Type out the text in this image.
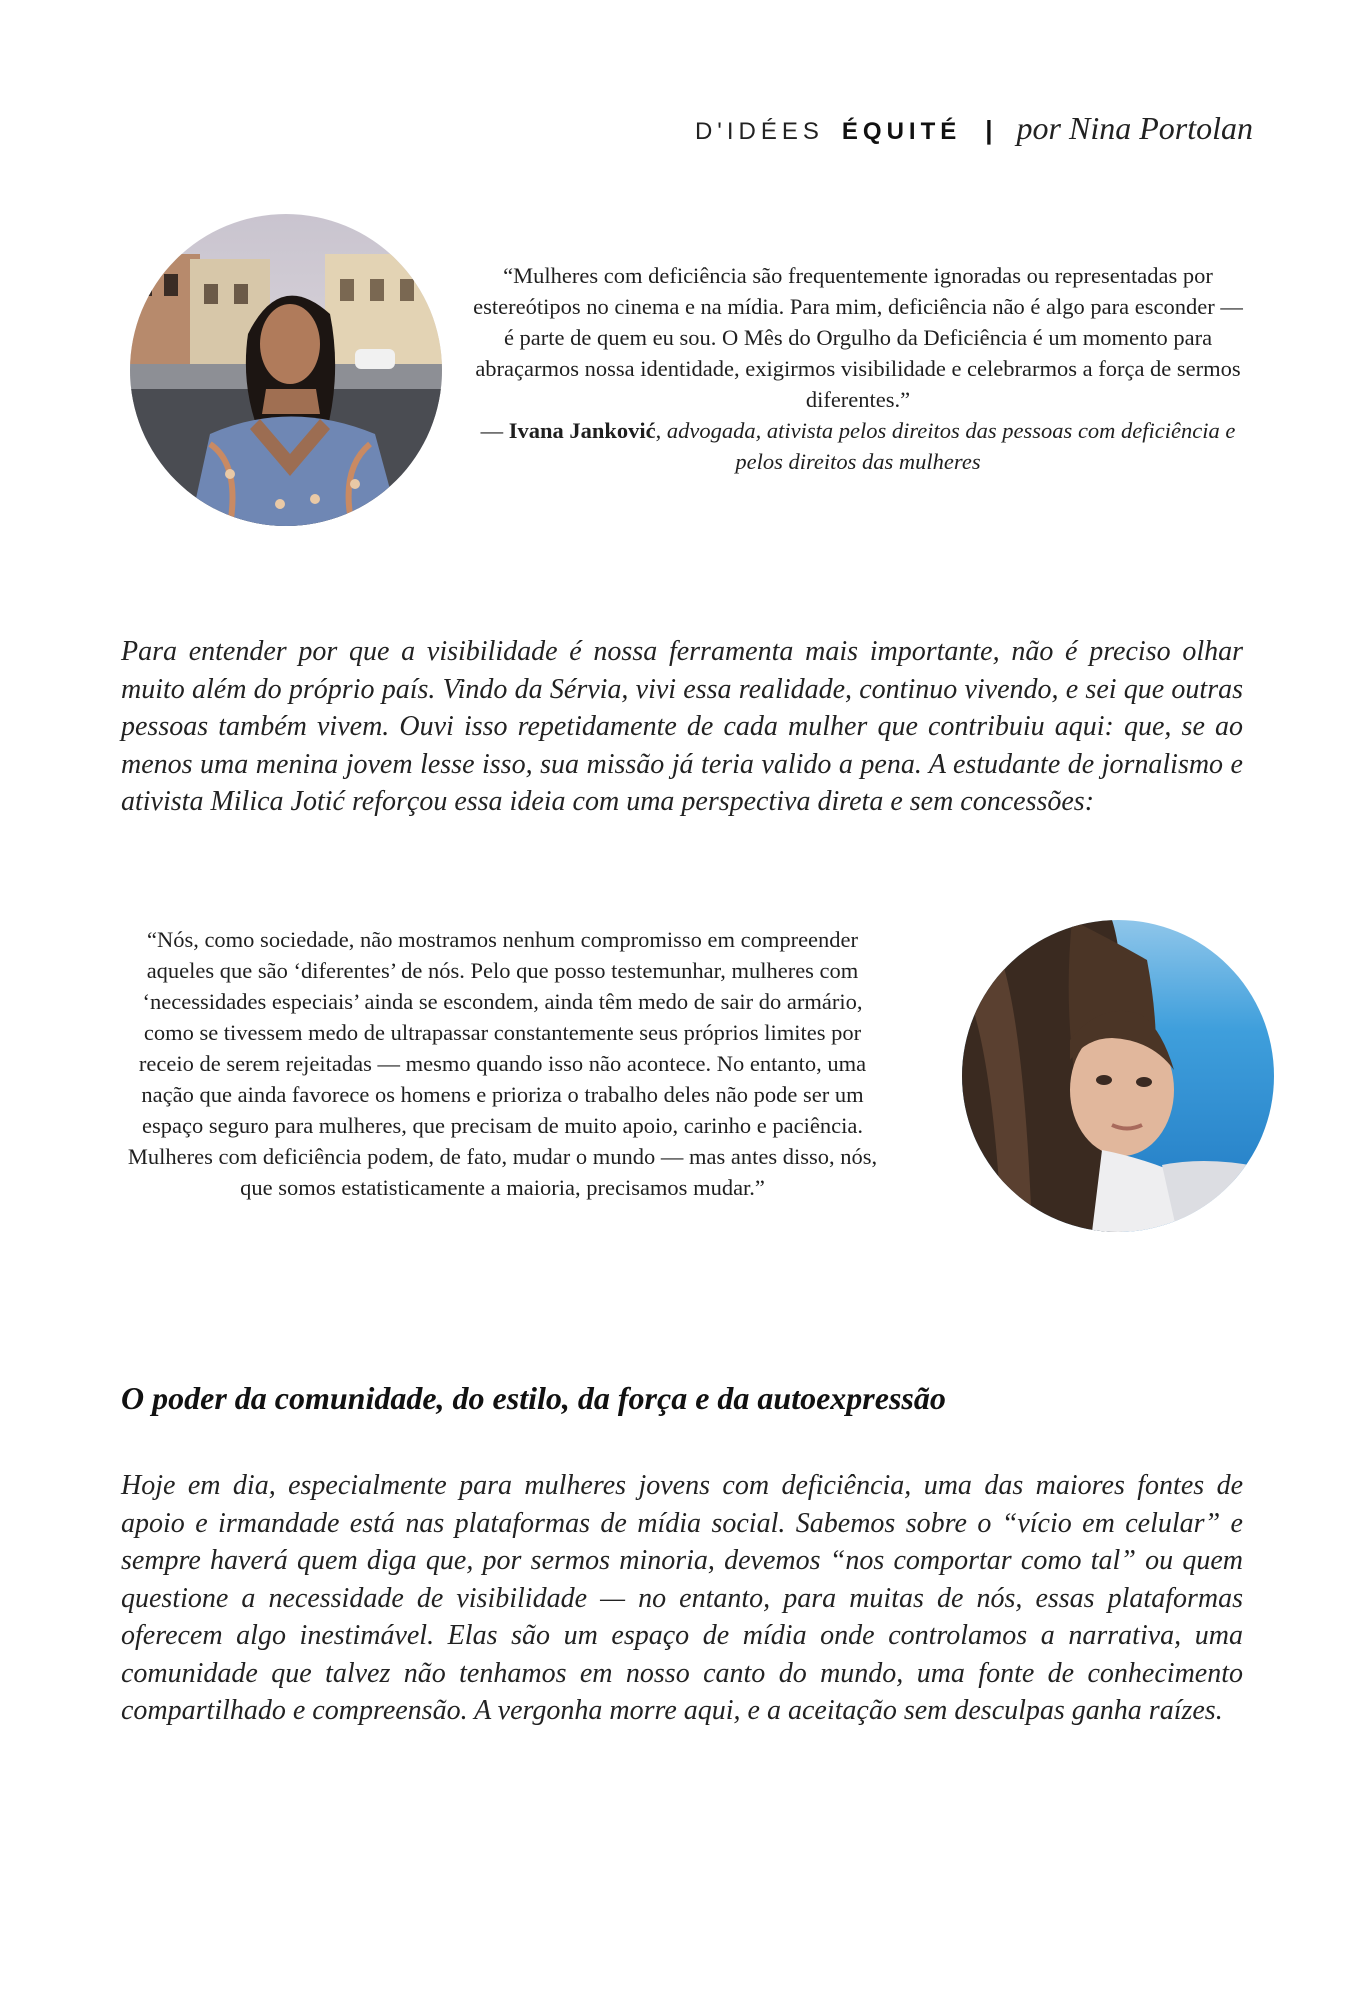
D'IDÉES ÉQUITÉ | por Nina Portolan
“Mulheres com deficiência são frequentemente ignoradas ou representadas por estereótipos no cinema e na mídia. Para mim, deficiência não é algo para esconder — é parte de quem eu sou. O Mês do Orgulho da Deficiência é um momento para abraçarmos nossa identidade, exigirmos visibilidade e celebrarmos a força de sermos diferentes.”
— Ivana Janković, advogada, ativista pelos direitos das pessoas com deficiência e pelos direitos das mulheres

Para entender por que a visibilidade é nossa ferramenta mais importante, não é preciso olhar muito além do próprio país. Vindo da Sérvia, vivi essa realidade, continuo vivendo, e sei que outras pessoas também vivem. Ouvi isso repetidamente de cada mulher que contribuiu aqui: que, se ao menos uma menina jovem lesse isso, sua missão já teria valido a pena. A estudante de jornalismo e ativista Milica Jotić reforçou essa ideia com uma perspectiva direta e sem concessões:

“Nós, como sociedade, não mostramos nenhum compromisso em compreender aqueles que são ‘diferentes’ de nós. Pelo que posso testemunhar, mulheres com ‘necessidades especiais’ ainda se escondem, ainda têm medo de sair do armário, como se tivessem medo de ultrapassar constantemente seus próprios limites por receio de serem rejeitadas — mesmo quando isso não acontece. No entanto, uma nação que ainda favorece os homens e prioriza o trabalho deles não pode ser um espaço seguro para mulheres, que precisam de muito apoio, carinho e paciência. Mulheres com deficiência podem, de fato, mudar o mundo — mas antes disso, nós, que somos estatisticamente a maioria, precisamos mudar.”
O poder da comunidade, do estilo, da força e da autoexpressão

Hoje em dia, especialmente para mulheres jovens com deficiência, uma das maiores fontes de apoio e irmandade está nas plataformas de mídia social. Sabemos sobre o “vício em celular” e sempre haverá quem diga que, por sermos minoria, devemos “nos comportar como tal” ou quem questione a necessidade de visibilidade — no entanto, para muitas de nós, essas plataformas oferecem algo inestimável. Elas são um espaço de mídia onde controlamos a narrativa, uma comunidade que talvez não tenhamos em nosso canto do mundo, uma fonte de conhecimento compartilhado e compreensão. A vergonha morre aqui, e a aceitação sem desculpas ganha raízes.
